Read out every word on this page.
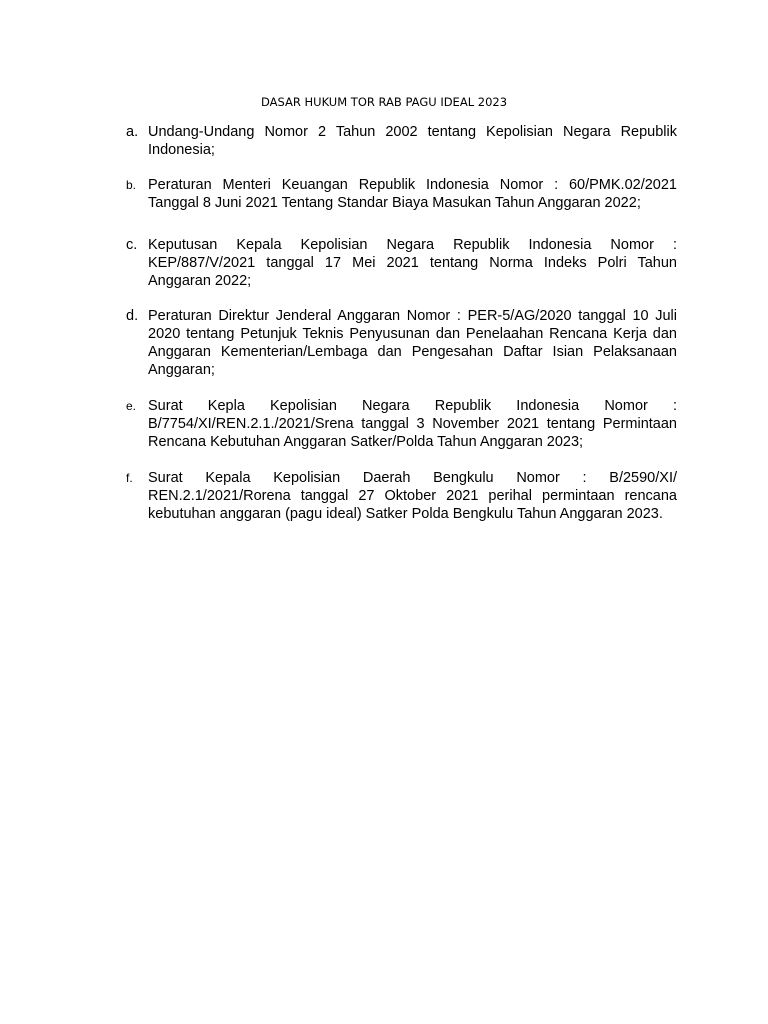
DASAR HUKUM TOR RAB PAGU IDEAL 2023
a. Undang-Undang Nomor 2 Tahun 2002 tentang Kepolisian Negara Republik Indonesia;
b. Peraturan Menteri Keuangan Republik Indonesia Nomor : 60/PMK.02/2021 Tanggal 8 Juni 2021 Tentang Standar Biaya Masukan Tahun Anggaran 2022;
c. Keputusan Kepala Kepolisian Negara Republik Indonesia Nomor : KEP/887/V/2021 tanggal 17 Mei 2021 tentang Norma Indeks Polri Tahun Anggaran 2022;
d. Peraturan Direktur Jenderal Anggaran Nomor : PER-5/AG/2020 tanggal 10 Juli 2020 tentang Petunjuk Teknis Penyusunan dan Penelaahan Rencana Kerja dan Anggaran Kementerian/Lembaga dan Pengesahan Daftar Isian Pelaksanaan Anggaran;
e. Surat Kepla Kepolisian Negara Republik Indonesia Nomor : B/7754/XI/REN.2.1./2021/Srena tanggal 3 November 2021 tentang Permintaan Rencana Kebutuhan Anggaran Satker/Polda Tahun Anggaran 2023;
f.	Surat Kepala Kepolisian Daerah Bengkulu Nomor : B/2590/XI/ REN.2.1/2021/Rorena tanggal 27 Oktober 2021 perihal permintaan rencana kebutuhan anggaran (pagu ideal) Satker Polda Bengkulu Tahun Anggaran 2023.
